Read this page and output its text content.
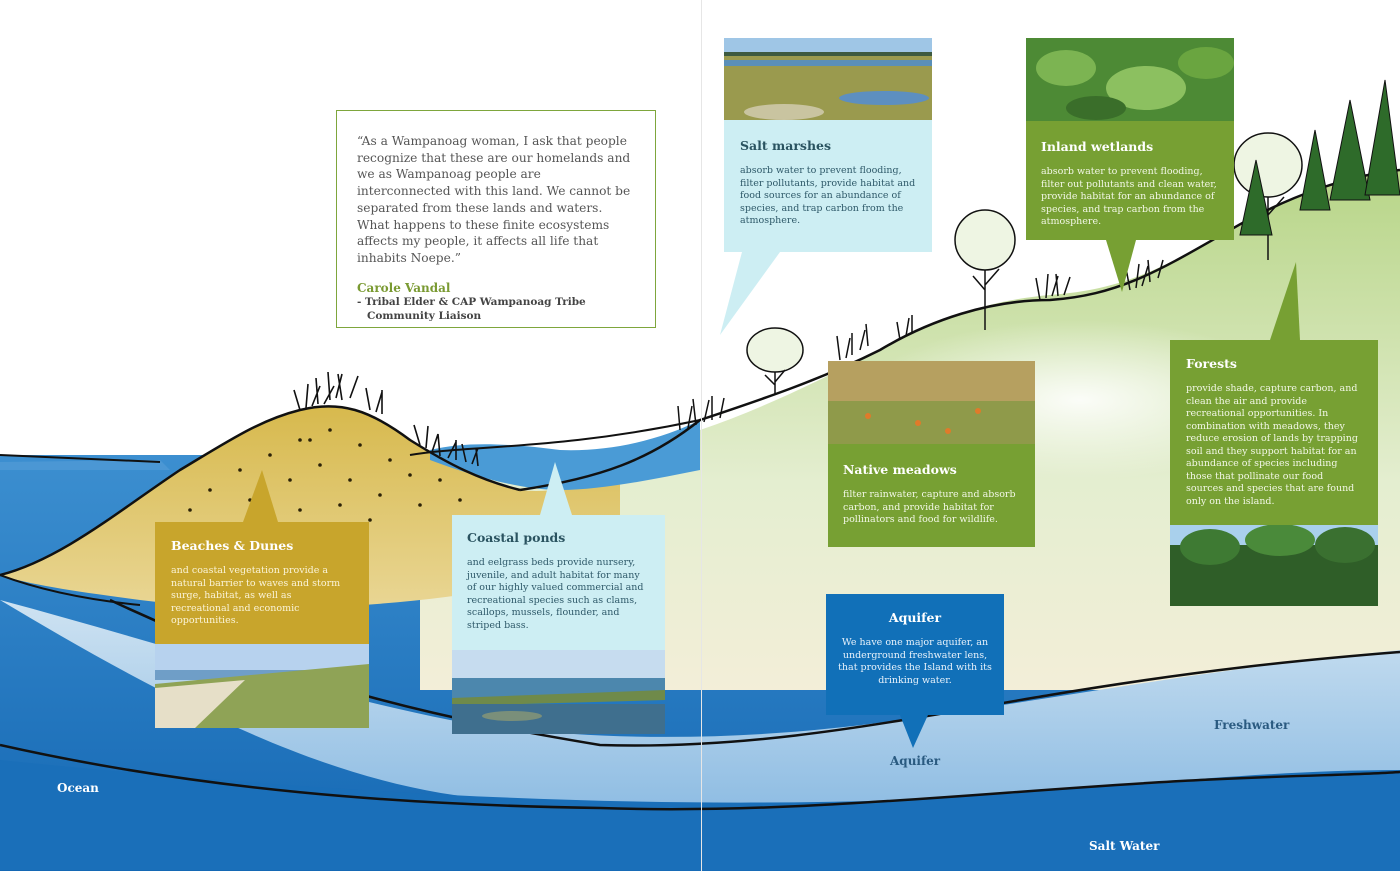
“As a Wampanoag woman, I ask that people recognize that these are our homelands and we as Wampanoag people are interconnected with this land. We cannot be separated from these lands and waters. What happens to these finite ecosystems affects my people, it affects all life that inhabits Noepe.”

Carole Vandal
- Tribal Elder & CAP Wampanoag Tribe
Community Liaison
Salt marshes

absorb water to prevent flooding, filter pollutants, provide habitat and food sources for an abundance of species, and trap carbon from the atmosphere.

Inland wetlands

absorb water to prevent flooding, filter out pollutants and clean water, provide habitat for an abundance of species, and trap carbon from the atmosphere.

Native meadows

filter rainwater, capture and absorb carbon, and provide habitat for pollinators and food for wildlife.

Forests

provide shade, capture carbon, and clean the air and provide recreational opportunities. In combination with meadows, they reduce erosion of lands by trapping soil and they support habitat for an abundance of species including those that pollinate our food sources and species that are found only on the island.

Beaches & Dunes

and coastal vegetation provide a natural barrier to waves and storm surge, habitat, as well as recreational and economic opportunities.

Coastal ponds

and eelgrass beds provide nursery, juvenile, and adult habitat for many of our highly valued commercial and recreational species such as clams, scallops, mussels, flounder, and striped bass.

Aquifer

We have one major aquifer, an underground freshwater lens, that provides the Island with its drinking water.

Ocean
Aquifer
Freshwater
Salt Water
